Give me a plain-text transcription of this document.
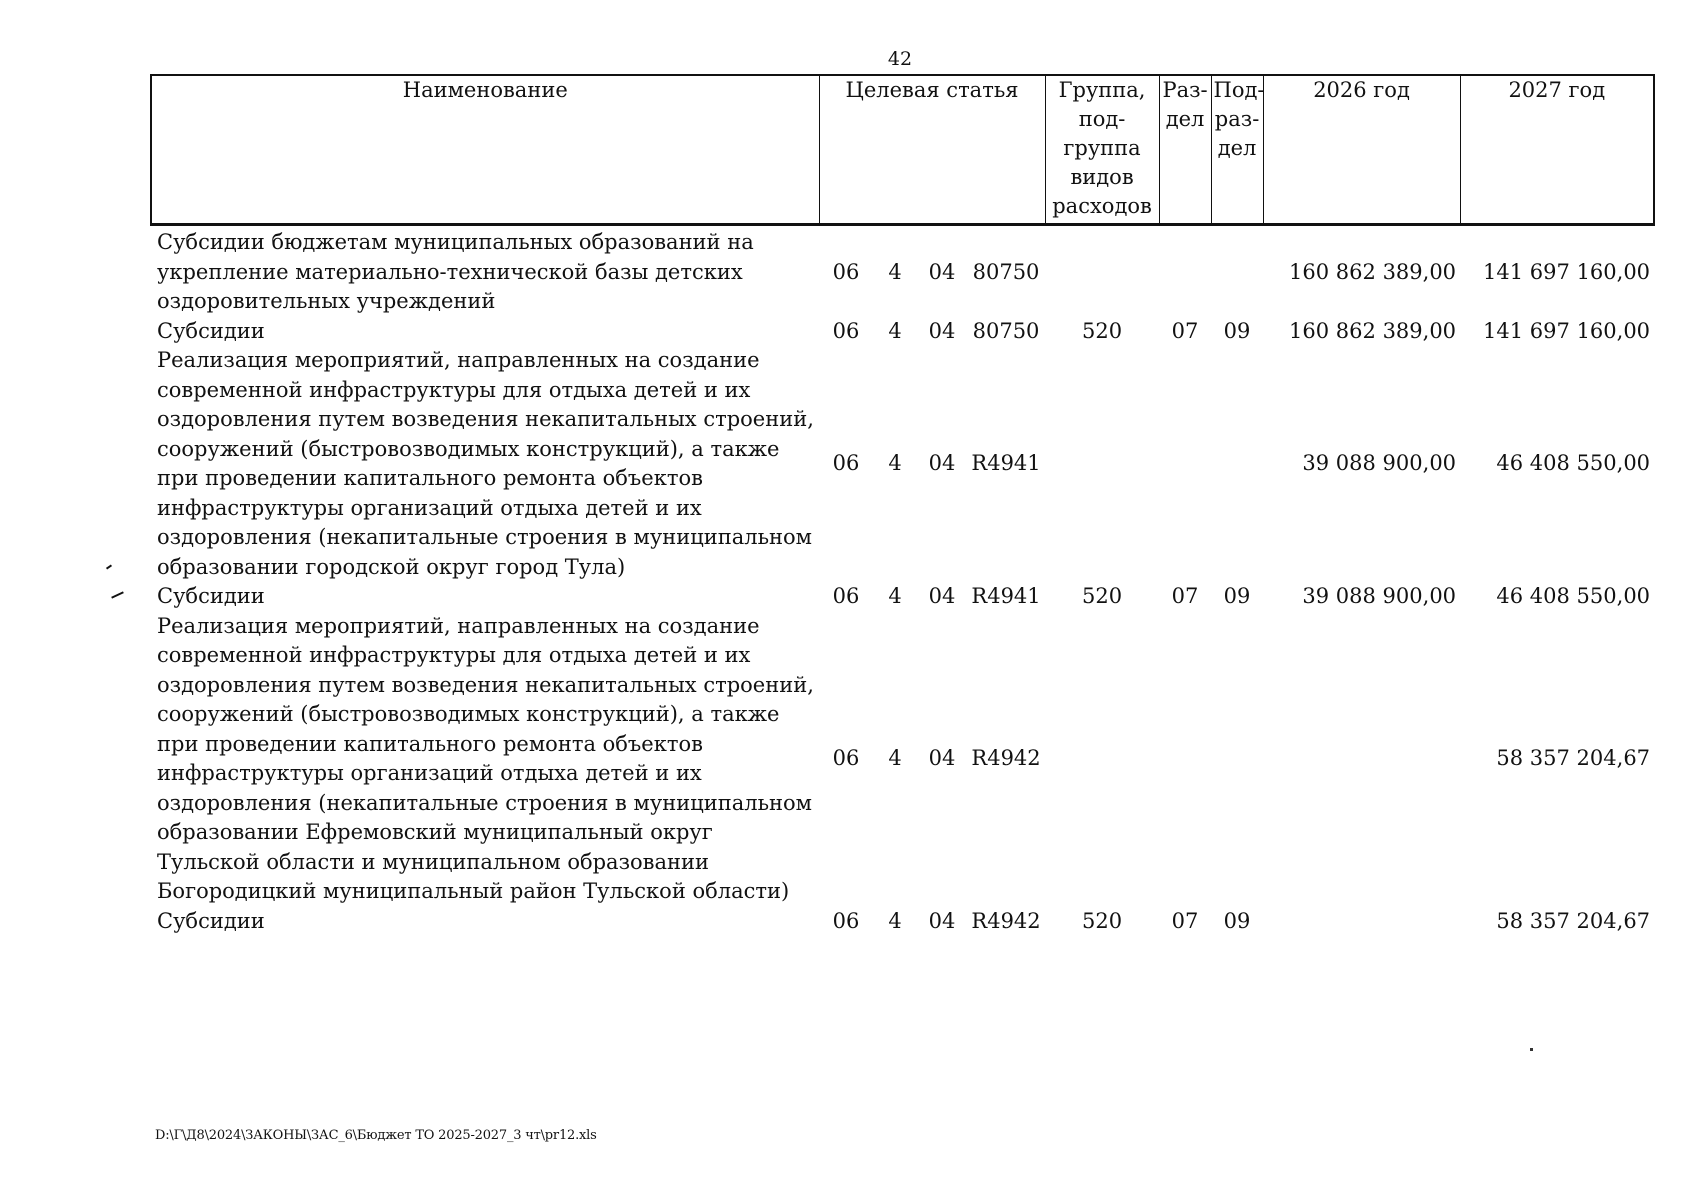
42
Наименование	Целевая статья				Группа, под-группа видов расходов	Раз-дел	Под-раз-дел	2026 год	2027 год
Субсидии бюджетам муниципальных образований на укрепление материально-технической базы детских оздоровительных учреждений	06	4	04	80750				160 862 389,00	141 697 160,00
Субсидии	06	4	04	80750	520	07	09	160 862 389,00	141 697 160,00
Реализация мероприятий, направленных на создание современной инфраструктуры для отдыха детей и их оздоровления путем возведения некапитальных строений, сооружений (быстровозводимых конструкций), а также при проведении капитального ремонта объектов инфраструктуры организаций отдыха детей и их оздоровления (некапитальные строения в муниципальном образовании городской округ город Тула)	06	4	04	R4941				39 088 900,00	46 408 550,00
Субсидии	06	4	04	R4941	520	07	09	39 088 900,00	46 408 550,00
Реализация мероприятий, направленных на создание современной инфраструктуры для отдыха детей и их оздоровления путем возведения некапитальных строений, сооружений (быстровозводимых конструкций), а также при проведении капитального ремонта объектов инфраструктуры организаций отдыха детей и их оздоровления (некапитальные строения в муниципальном образовании Ефремовский муниципальный округ Тульской области и муниципальном образовании Богородицкий муниципальный район Тульской области)	06	4	04	R4942					58 357 204,67
Субсидии	06	4	04	R4942	520	07	09		58 357 204,67
D:\Г\Д8\2024\ЗАКОНЫ\ЗАС_6\Бюджет ТО 2025-2027_3 чт\pr12.xls
